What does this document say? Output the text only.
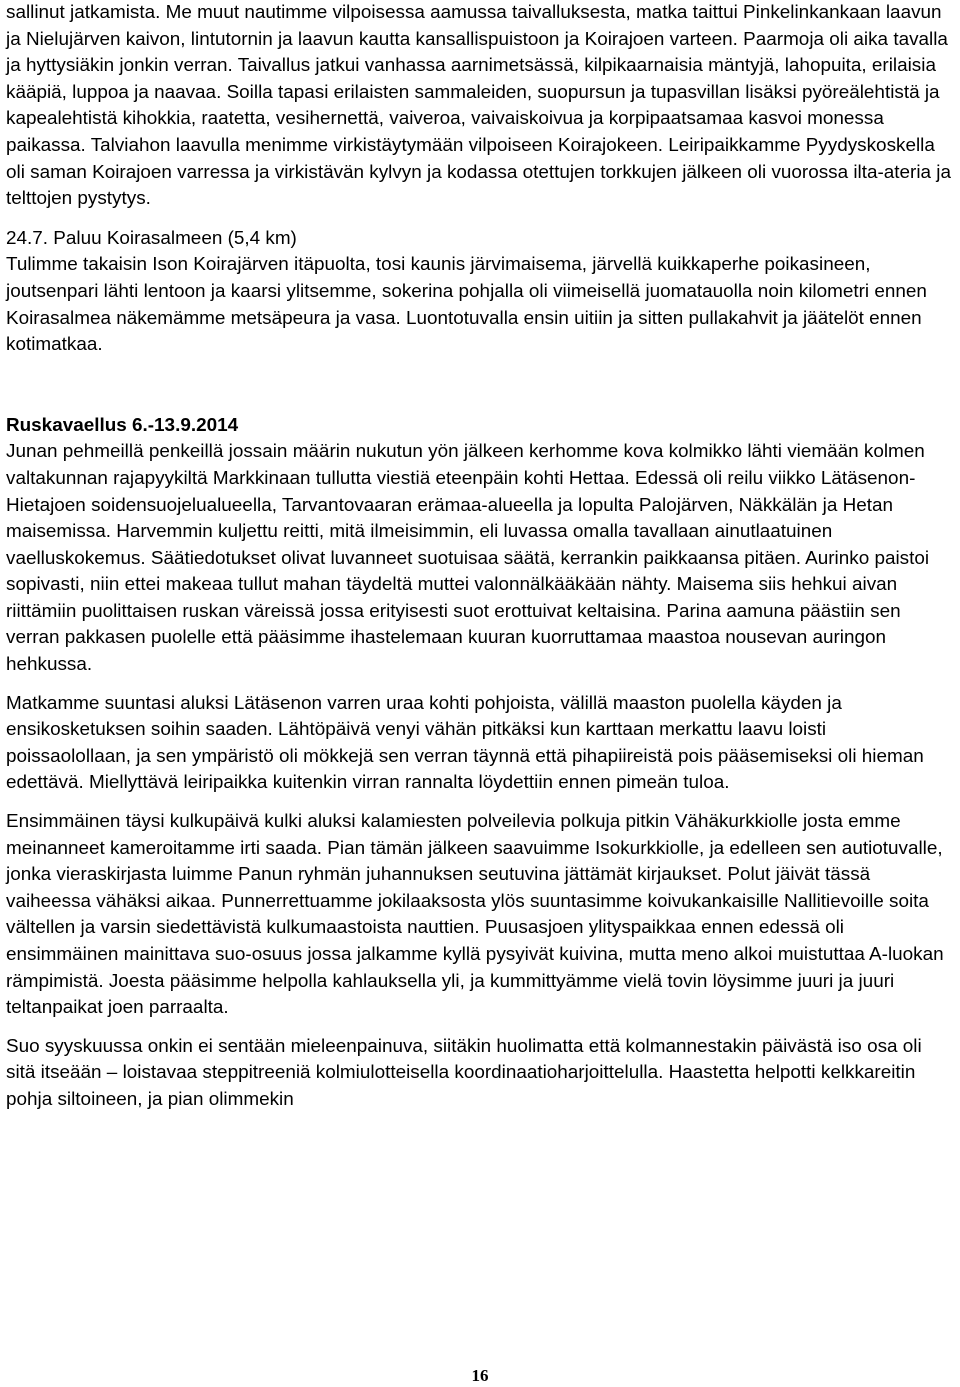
sallinut jatkamista. Me muut nautimme vilpoisessa aamussa taivalluksesta, matka taittui Pinkelinkankaan laavun ja Nielujärven kaivon, lintutornin ja laavun kautta kansallispuistoon ja Koirajoen varteen. Paarmoja oli aika tavalla ja hyttysiäkin jonkin verran. Taivallus jatkui vanhassa aarnimetsässä, kilpikaarnaisia mäntyjä, lahopuita, erilaisia kääpiä, luppoa ja naavaa. Soilla tapasi erilaisten sammaleiden, suopursun ja tupasvillan lisäksi pyöreälehtistä ja kapealehtistä kihokkia, raatetta, vesihernettä, vaiveroa, vaivaiskoivua ja korpipaatsamaa kasvoi monessa paikassa. Talviahon laavulla menimme virkistäytymään vilpoiseen Koirajokeen. Leiripaikkamme Pyydyskoskella oli saman Koirajoen varressa ja virkistävän kylvyn ja kodassa otettujen torkkujen jälkeen oli vuorossa ilta-ateria ja telttojen pystytys.

24.7. Paluu Koirasalmeen (5,4 km)

Tulimme takaisin Ison Koirajärven itäpuolta, tosi kaunis järvimaisema, järvellä kuikkaperhe poikasineen, joutsenpari lähti lentoon ja kaarsi ylitsemme, sokerina pohjalla oli viimeisellä juomatauolla noin kilometri ennen Koirasalmea näkemämme metsäpeura ja vasa. Luontotuvalla ensin uitiin ja sitten pullakahvit ja jäätelöt ennen kotimatkaa.

Ruskavaellus 6.-13.9.2014

Junan pehmeillä penkeillä jossain määrin nukutun yön jälkeen kerhomme kova kolmikko lähti viemään kolmen valtakunnan rajapyykiltä Markkinaan tullutta viestiä eteenpäin kohti Hettaa. Edessä oli reilu viikko Lätäsenon-Hietajoen soidensuojelualueella, Tarvantovaaran erämaa-alueella ja lopulta Palojärven, Näkkälän ja Hetan maisemissa. Harvemmin kuljettu reitti, mitä ilmeisimmin, eli luvassa omalla tavallaan ainutlaatuinen vaelluskokemus. Säätiedotukset olivat luvanneet suotuisaa säätä, kerrankin paikkaansa pitäen. Aurinko paistoi sopivasti, niin ettei makeaa tullut mahan täydeltä muttei valonnälkääkään nähty. Maisema siis hehkui aivan riittämiin puolittaisen ruskan väreissä jossa erityisesti suot erottuivat keltaisina. Parina aamuna päästiin sen verran pakkasen puolelle että pääsimme ihastelemaan kuuran kuorruttamaa maastoa nousevan auringon hehkussa.

Matkamme suuntasi aluksi Lätäsenon varren uraa kohti pohjoista, välillä maaston puolella käyden ja ensikosketuksen soihin saaden. Lähtöpäivä venyi vähän pitkäksi kun karttaan merkattu laavu loisti poissaolollaan, ja sen ympäristö oli mökkejä sen verran täynnä että pihapiireistä pois pääsemiseksi oli hieman edettävä. Miellyttävä leiripaikka kuitenkin virran rannalta löydettiin ennen pimeän tuloa.

Ensimmäinen täysi kulkupäivä kulki aluksi kalamiesten polveilevia polkuja pitkin Vähäkurkkiolle josta emme meinanneet kameroitamme irti saada. Pian tämän jälkeen saavuimme Isokurkkiolle, ja edelleen sen autiotuvalle, jonka vieraskirjasta luimme Panun ryhmän juhannuksen seutuvina jättämät kirjaukset. Polut jäivät tässä vaiheessa vähäksi aikaa. Punnerrettuamme jokilaaksosta ylös suuntasimme koivukankaisille Nallitievoille soita vältellen ja varsin siedettävistä kulkumaastoista nauttien. Puusasjoen ylityspaikkaa ennen edessä oli ensimmäinen mainittava suo-osuus jossa jalkamme kyllä pysyivät kuivina, mutta meno alkoi muistuttaa A-luokan rämpimistä. Joesta pääsimme helpolla kahlauksella yli, ja kummittyämme vielä tovin löysimme juuri ja juuri teltanpaikat joen parraalta.

Suo syyskuussa onkin ei sentään mieleenpainuva, siitäkin huolimatta että kolmannestakin päivästä iso osa oli sitä itseään – loistavaa steppitreeniä kolmiulotteisella koordinaatioharjoittelulla. Haastetta helpotti kelkkareitin pohja siltoineen, ja pian olimmekin

16
